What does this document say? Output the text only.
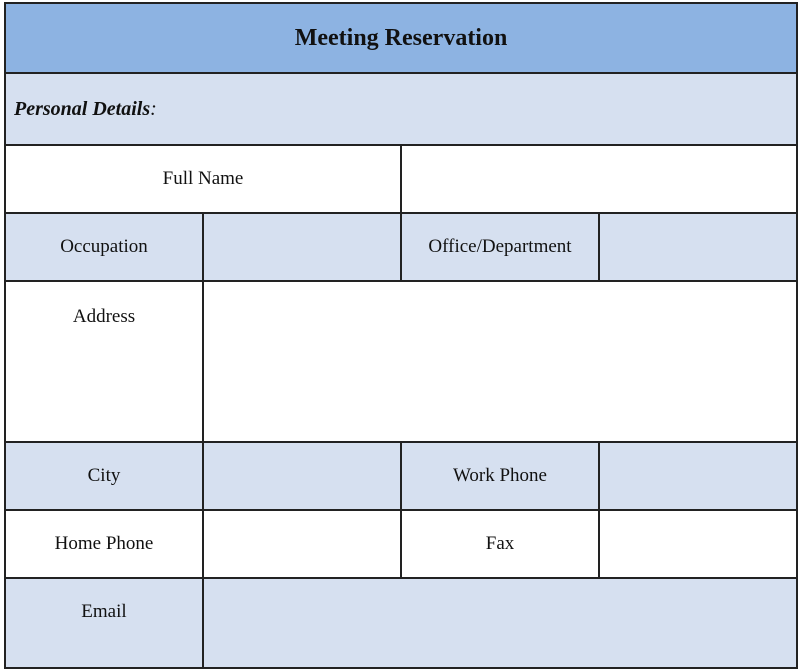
Meeting Reservation			
Personal Details:			
Full Name			

Occupation		Office/Department	

Address			

City		Work Phone	

Home Phone		Fax	

Email			
